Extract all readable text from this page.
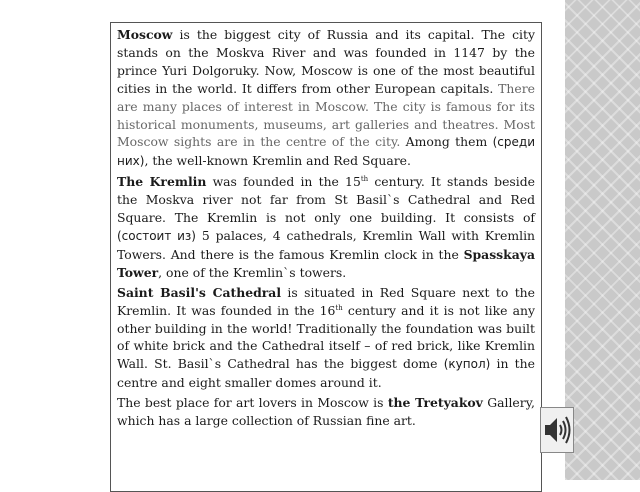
Moscow is the biggest city of Russia and its capital. The city stands on the Moskva River and was founded in 1147 by the prince Yuri Dolgoruky. Now, Moscow is one of the most beautiful cities in the world. It differs from other European capitals. There are many places of interest in Moscow. The city is famous for its historical monuments, museums, art galleries and theatres. Most Moscow sights are in the centre of the city. Among them (среди них), the well-known Kremlin and Red Square.

The Kremlin was founded in the 15th century. It stands beside the Moskva river not far from St Basil`s Cathedral and Red Square. The Kremlin is not only one building. It consists of (состоит из) 5 palaces, 4 cathedrals, Kremlin Wall with Kremlin Towers. And there is the famous Kremlin clock in the Spasskaya Tower, one of the Kremlin`s towers.

Saint Basil's Cathedral is situated in Red Square next to the Kremlin. It was founded in the 16th century and it is not like any other building in the world! Traditionally the foundation was built of white brick and the Cathedral itself – of red brick, like Kremlin Wall. St. Basil`s Cathedral has the biggest dome (купол) in the centre and eight smaller domes around it.

The best place for art lovers in Moscow is the Tretyakov Gallery, which has a large collection of Russian fine art.
